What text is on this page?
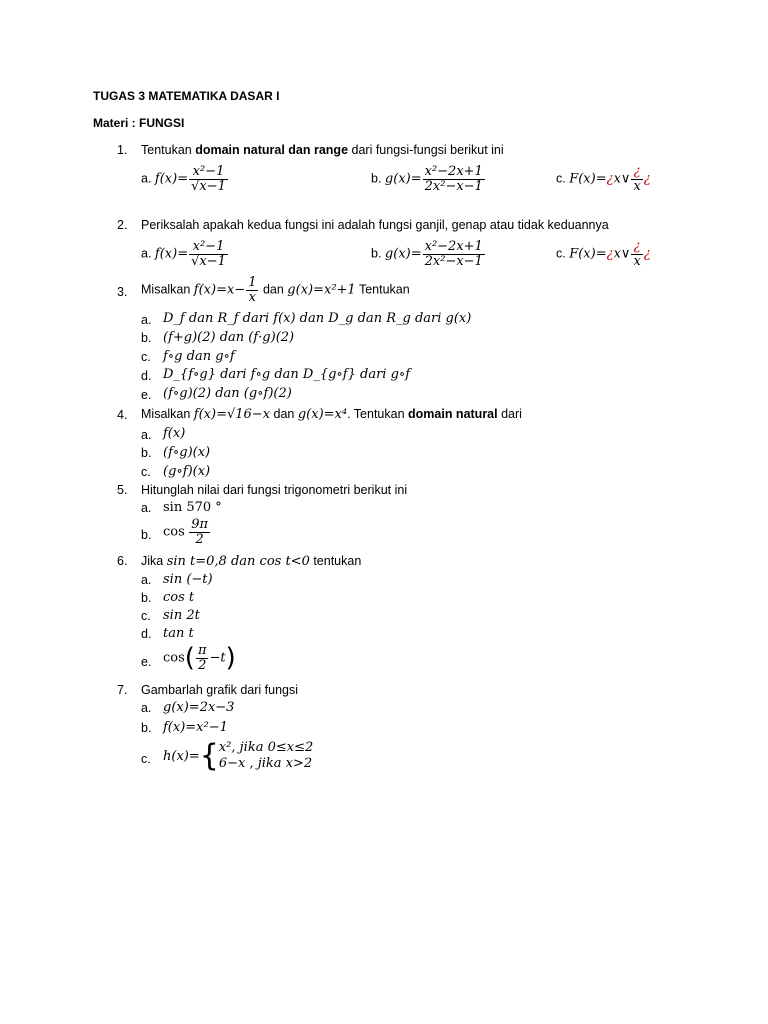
TUGAS 3 MATEMATIKA DASAR I
Materi : FUNGSI
1. Tentukan domain natural dan range dari fungsi-fungsi berikut ini
a. $f(x)= \frac{\text{x²−1}}{√x-1}$	b. $g(x)= \frac{\text{x²−2x+1}}{\text{2x²−x−1}}$	c. F(x)=¿x∨ $\frac{¿}{x}$ ¿
2. Periksalah apakah kedua fungsi ini adalah fungsi ganjil, genap atau tidak keduannya
a. $f(x)= \frac{\text{x²−1}}{√x-1}$	b. $g(x)= \frac{\text{x²−2x+1}}{\text{2x²−x−1}}$	c. F(x)=¿x∨ $\frac{¿}{x}$ ¿
3. Misalkan $f(x)=x- \frac{1}{x}$ dan g(x)=x²+1 Tentukan
a. D_f dan R_f dari f(x) dan D_g dan R_g dari g(x)
b. (f+g)(2) dan (f·g)(2)
c. f∘g dan g∘f
d. D_{f∘g} dari f∘g dan D_{g∘f} dari g∘f
e. (f∘g)(2) dan (g∘f)(2)
4. Misalkan f(x)=√16−x dan g(x)=x⁴. Tentukan domain natural dari
a. f(x)
b. (f∘g)(x)
c. (g∘f)(x)
5. Hitunglah nilai dari fungsi trigonometri berikut ini
a. sin 570 °
b. $\cos \frac{9\pi}{2}$
6. Jika sin t=0,8 dan cos t<0 tentukan
a. sin (−t)
b. cos t
c. sin 2t
d. tan t
e. $\cos( \frac{\pi}{2} -t)$
7. Gambarlah grafik dari fungsi
a. g(x)=2x−3
b. f(x)=x²−1
c. h(x)={ x², jika 0≤x≤2
6−x , jika x>2
